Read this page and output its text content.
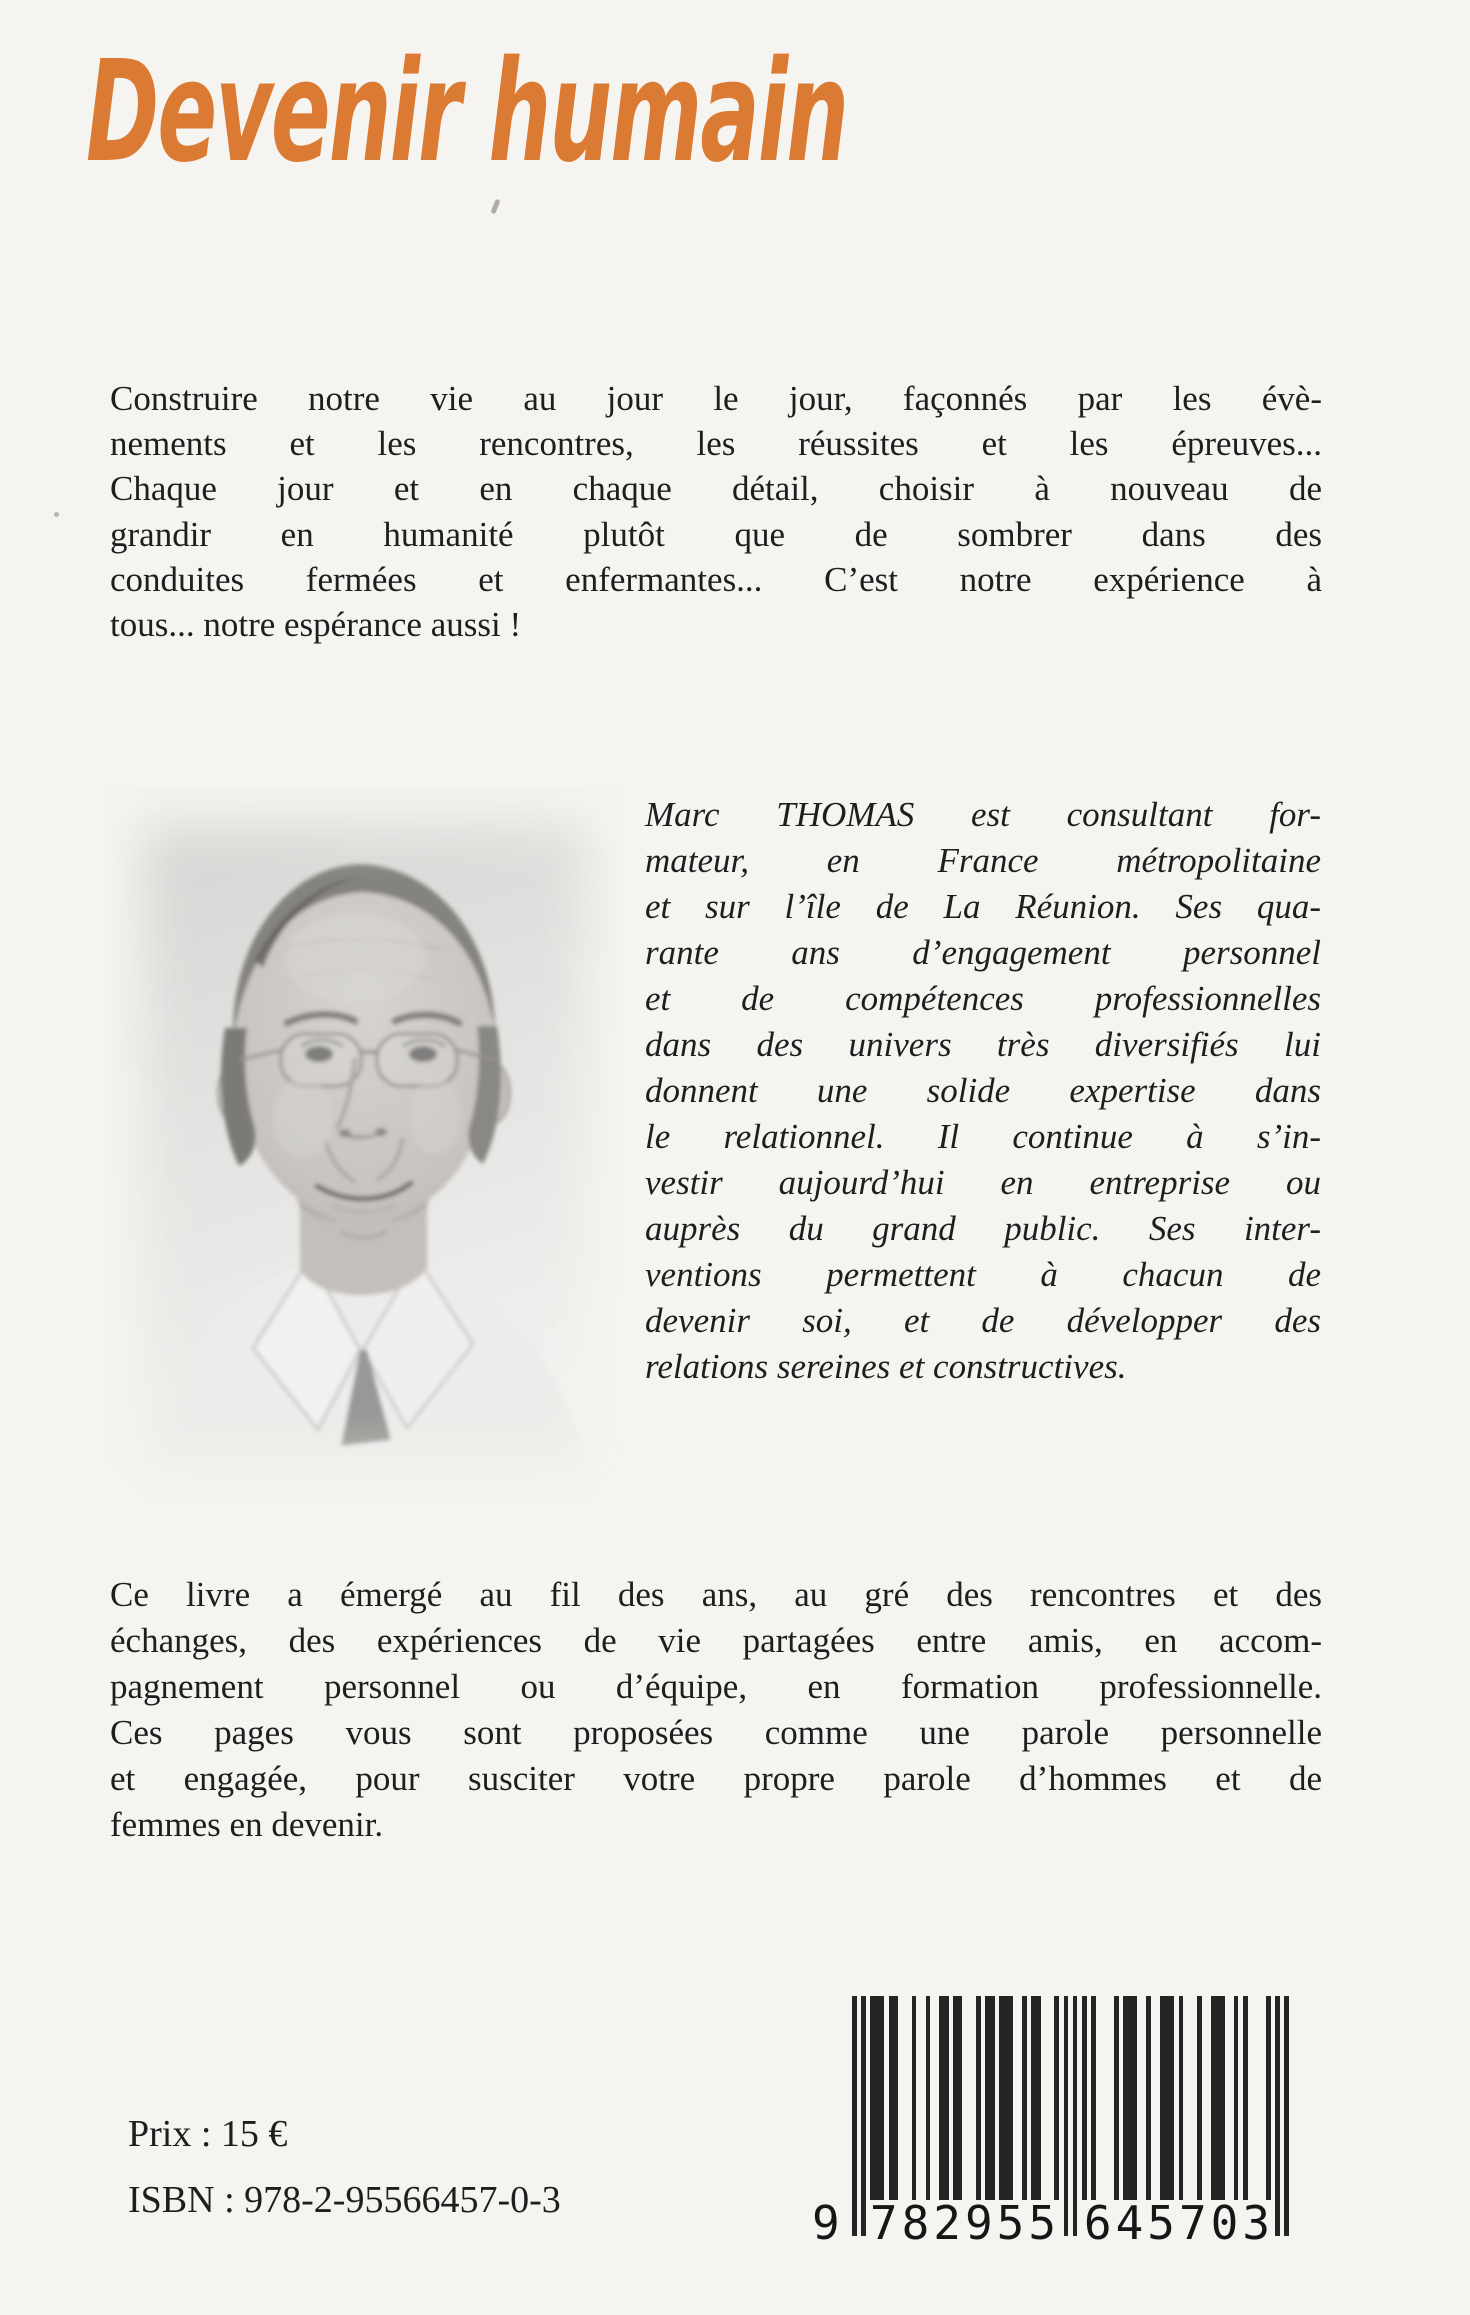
Devenir humain
Construire notre vie au jour le jour, façonnés par les évè-
nements et les rencontres, les réussites et les épreuves...
Chaque jour et en chaque détail, choisir à nouveau de
grandir en humanité plutôt que de sombrer dans des
conduites fermées et enfermantes... C’est notre expérience à
tous... notre espérance aussi !
Marc THOMAS est consultant for-
mateur, en France métropolitaine
et sur l’île de La Réunion. Ses qua-
rante ans d’engagement personnel
et de compétences professionnelles
dans des univers très diversifiés lui
donnent une solide expertise dans
le relationnel. Il continue à s’in-
vestir aujourd’hui en entreprise ou
auprès du grand public. Ses inter-
ventions permettent à chacun de
devenir soi, et de développer des
relations sereines et constructives.
Ce livre a émergé au fil des ans, au gré des rencontres et des
échanges, des expériences de vie partagées entre amis, en accom-
pagnement personnel ou d’équipe, en formation professionnelle.
Ces pages vous sont proposées comme une parole personnelle
et engagée, pour susciter votre propre parole d’hommes et de
femmes en devenir.
Prix : 15 €
ISBN : 978-2-95566457-0-3	9 782955 645703
